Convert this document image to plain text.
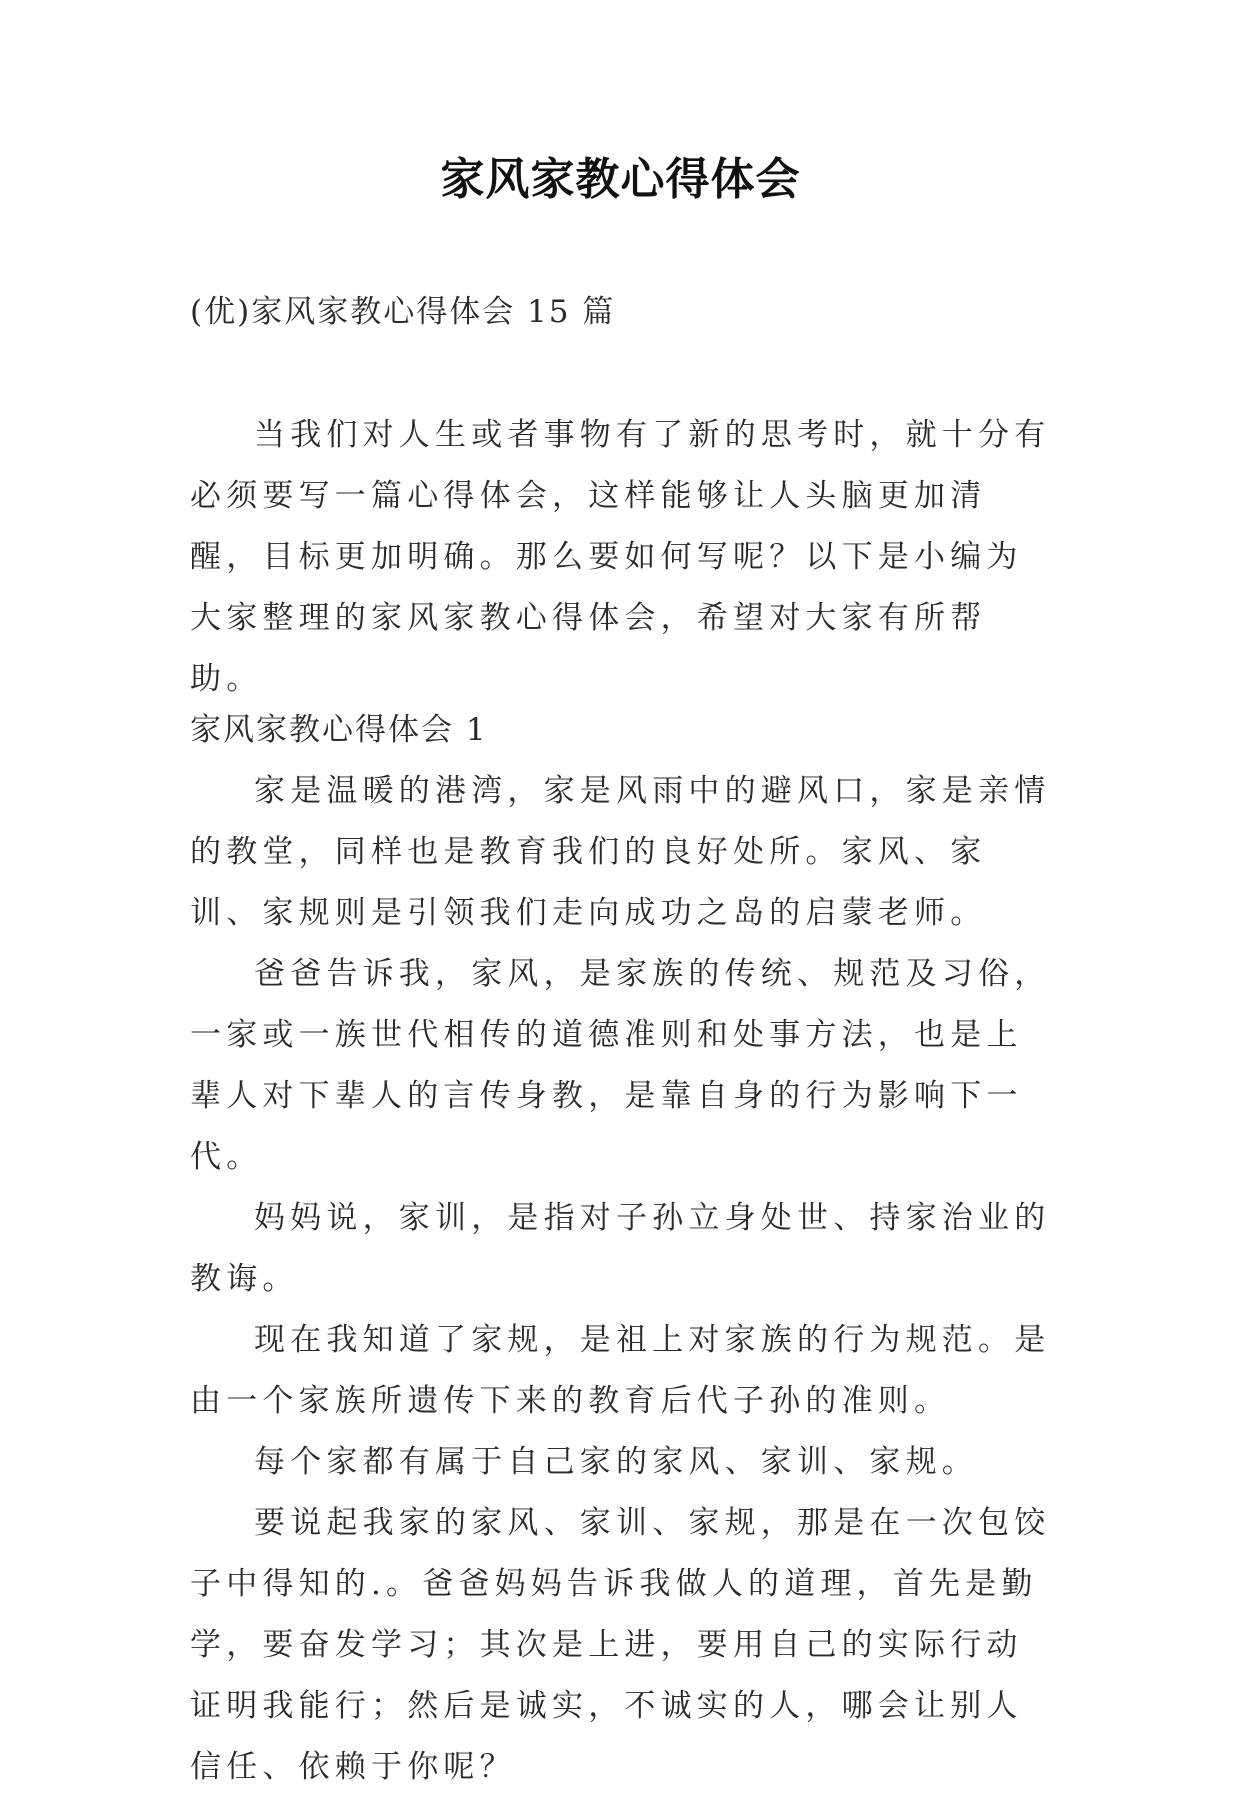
家风家教心得体会
(优)家风家教心得体会 15 篇

当我们对人生或者事物有了新的思考时，就十分有必须要写一篇心得体会，这样能够让人头脑更加清醒，目标更加明确。那么要如何写呢？以下是小编为大家整理的家风家教心得体会，希望对大家有所帮助。

家风家教心得体会 1

家是温暖的港湾，家是风雨中的避风口，家是亲情的教堂，同样也是教育我们的良好处所。家风、家训、家规则是引领我们走向成功之岛的启蒙老师。

爸爸告诉我，家风，是家族的传统、规范及习俗，一家或一族世代相传的道德准则和处事方法，也是上辈人对下辈人的言传身教，是靠自身的行为影响下一代。

妈妈说，家训，是指对子孙立身处世、持家治业的教诲。

现在我知道了家规，是祖上对家族的行为规范。是由一个家族所遗传下来的教育后代子孙的准则。

每个家都有属于自己家的家风、家训、家规。

要说起我家的家风、家训、家规，那是在一次包饺子中得知的.。爸爸妈妈告诉我做人的道理，首先是勤学，要奋发学习；其次是上进，要用自己的实际行动证明我能行；然后是诚实，不诚实的人，哪会让别人信任、依赖于你呢？
